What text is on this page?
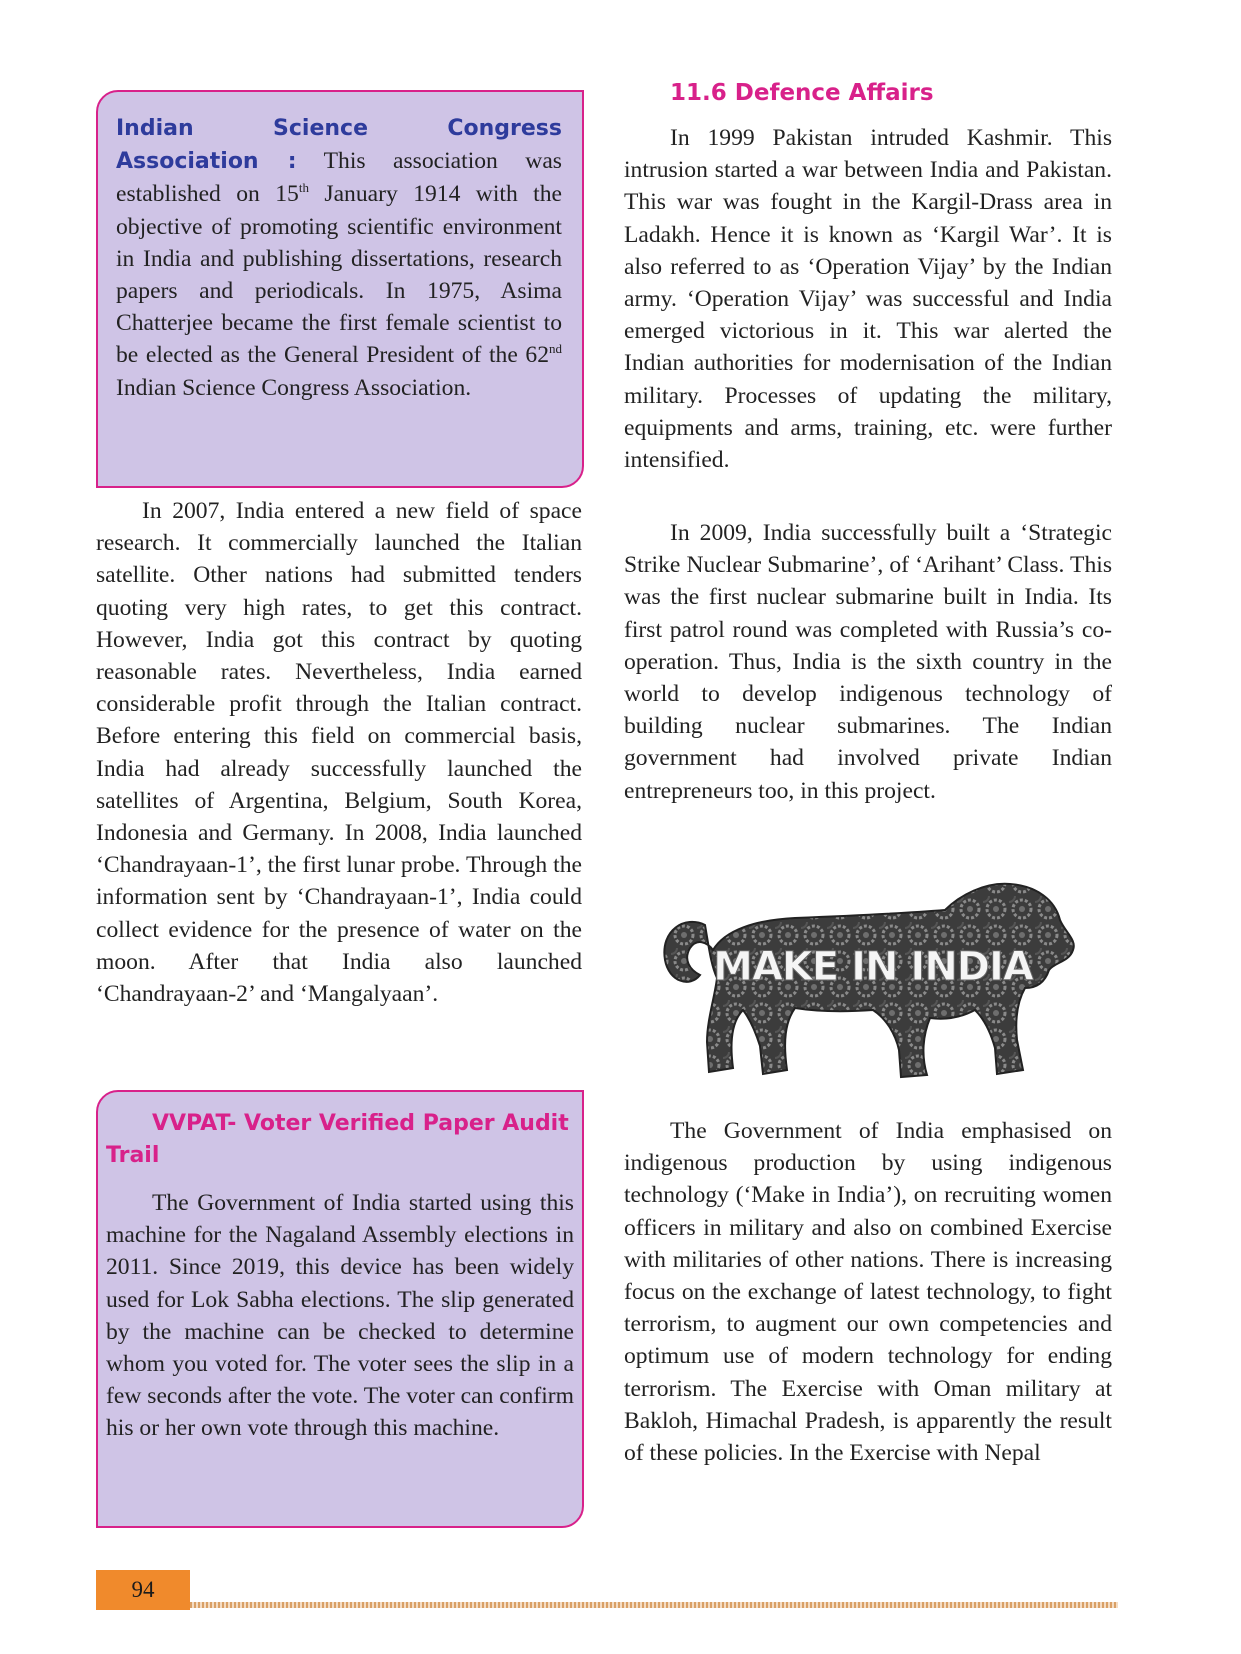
Indian Science Congress Association : This association was established on 15th January 1914 with the objective of promoting scientific environment in India and publishing dissertations, research papers and periodicals. In 1975, Asima Chatterjee became the first female scientist to be elected as the General President of the 62nd Indian Science Congress Association.

In 2007, India entered a new field of space research. It commercially launched the Italian satellite. Other nations had submitted tenders quoting very high rates, to get this contract. However, India got this contract by quoting reasonable rates. Nevertheless, India earned considerable profit through the Italian contract. Before entering this field on commercial basis, India had already successfully launched the satellites of Argentina, Belgium, South Korea, Indonesia and Germany. In 2008, India launched ‘Chandrayaan-1’, the first lunar probe. Through the information sent by ‘Chandrayaan-1’, India could collect evidence for the presence of water on the moon. After that India also launched ‘Chandrayaan-2’ and ‘Mangalyaan’.

VVPAT- Voter Verified Paper Audit Trail

The Government of India started using this machine for the Nagaland Assembly elections in 2011. Since 2019, this device has been widely used for Lok Sabha elections. The slip generated by the machine can be checked to determine whom you voted for. The voter sees the slip in a few seconds after the vote. The voter can confirm his or her own vote through this machine.

11.6 Defence Affairs

In 1999 Pakistan intruded Kashmir. This intrusion started a war between India and Pakistan. This war was fought in the Kargil-Drass area in Ladakh. Hence it is known as ‘Kargil War’. It is also referred to as ‘Operation Vijay’ by the Indian army. ‘Operation Vijay’ was successful and India emerged victorious in it. This war alerted the Indian authorities for modernisation of the Indian military. Processes of updating the military, equipments and arms, training, etc. were further intensified.

In 2009, India successfully built a ‘Strategic Strike Nuclear Submarine’, of ‘Arihant’ Class. This was the first nuclear submarine built in India. Its first patrol round was completed with Russia’s co-operation. Thus, India is the sixth country in the world to develop indigenous technology of building nuclear submarines. The Indian government had involved private Indian entrepreneurs too, in this project.

MAKE IN INDIA

The Government of India emphasised on indigenous production by using indigenous technology (‘Make in India’), on recruiting women officers in military and also on combined Exercise with militaries of other nations. There is increasing focus on the exchange of latest technology, to fight terrorism, to augment our own competencies and optimum use of modern technology for ending terrorism. The Exercise with Oman military at Bakloh, Himachal Pradesh, is apparently the result of these policies. In the Exercise with Nepal

94
